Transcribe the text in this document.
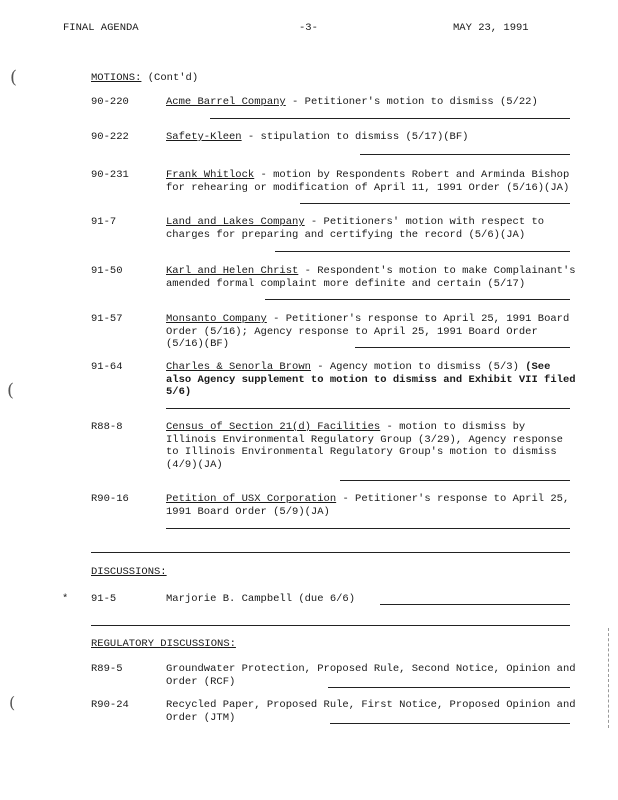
FINAL AGENDA	-3-	MAY 23, 1991
(
(
(
MOTIONS: (Cont'd)
90-220	Acme Barrel Company - Petitioner's motion to dismiss (5/22)
90-222	Safety-Kleen - stipulation to dismiss (5/17)(BF)
90-231	Frank Whitlock - motion by Respondents Robert and Arminda Bishop for rehearing or modification of April 11, 1991 Order (5/16)(JA)
91-7	Land and Lakes Company - Petitioners' motion with respect to charges for preparing and certifying the record (5/6)(JA)
91-50	Karl and Helen Christ - Respondent's motion to make Complainant's amended formal complaint more definite and certain (5/17)
91-57	Monsanto Company - Petitioner's response to April 25, 1991 Board Order (5/16); Agency response to April 25, 1991 Board Order (5/16)(BF)
91-64	Charles & Senorla Brown - Agency motion to dismiss (5/3) (See also Agency supplement to motion to dismiss and Exhibit VII filed 5/6)
R88-8	Census of Section 21(d) Facilities - motion to dismiss by Illinois Environmental Regulatory Group (3/29), Agency response to Illinois Environmental Regulatory Group's motion to dismiss (4/9)(JA)
R90-16	Petition of USX Corporation - Petitioner's response to April 25, 1991 Board Order (5/9)(JA)
DISCUSSIONS:
* 91-5	Marjorie B. Campbell (due 6/6)
REGULATORY DISCUSSIONS:
R89-5	Groundwater Protection, Proposed Rule, Second Notice, Opinion and Order (RCF)
R90-24	Recycled Paper, Proposed Rule, First Notice, Proposed Opinion and Order (JTM)
